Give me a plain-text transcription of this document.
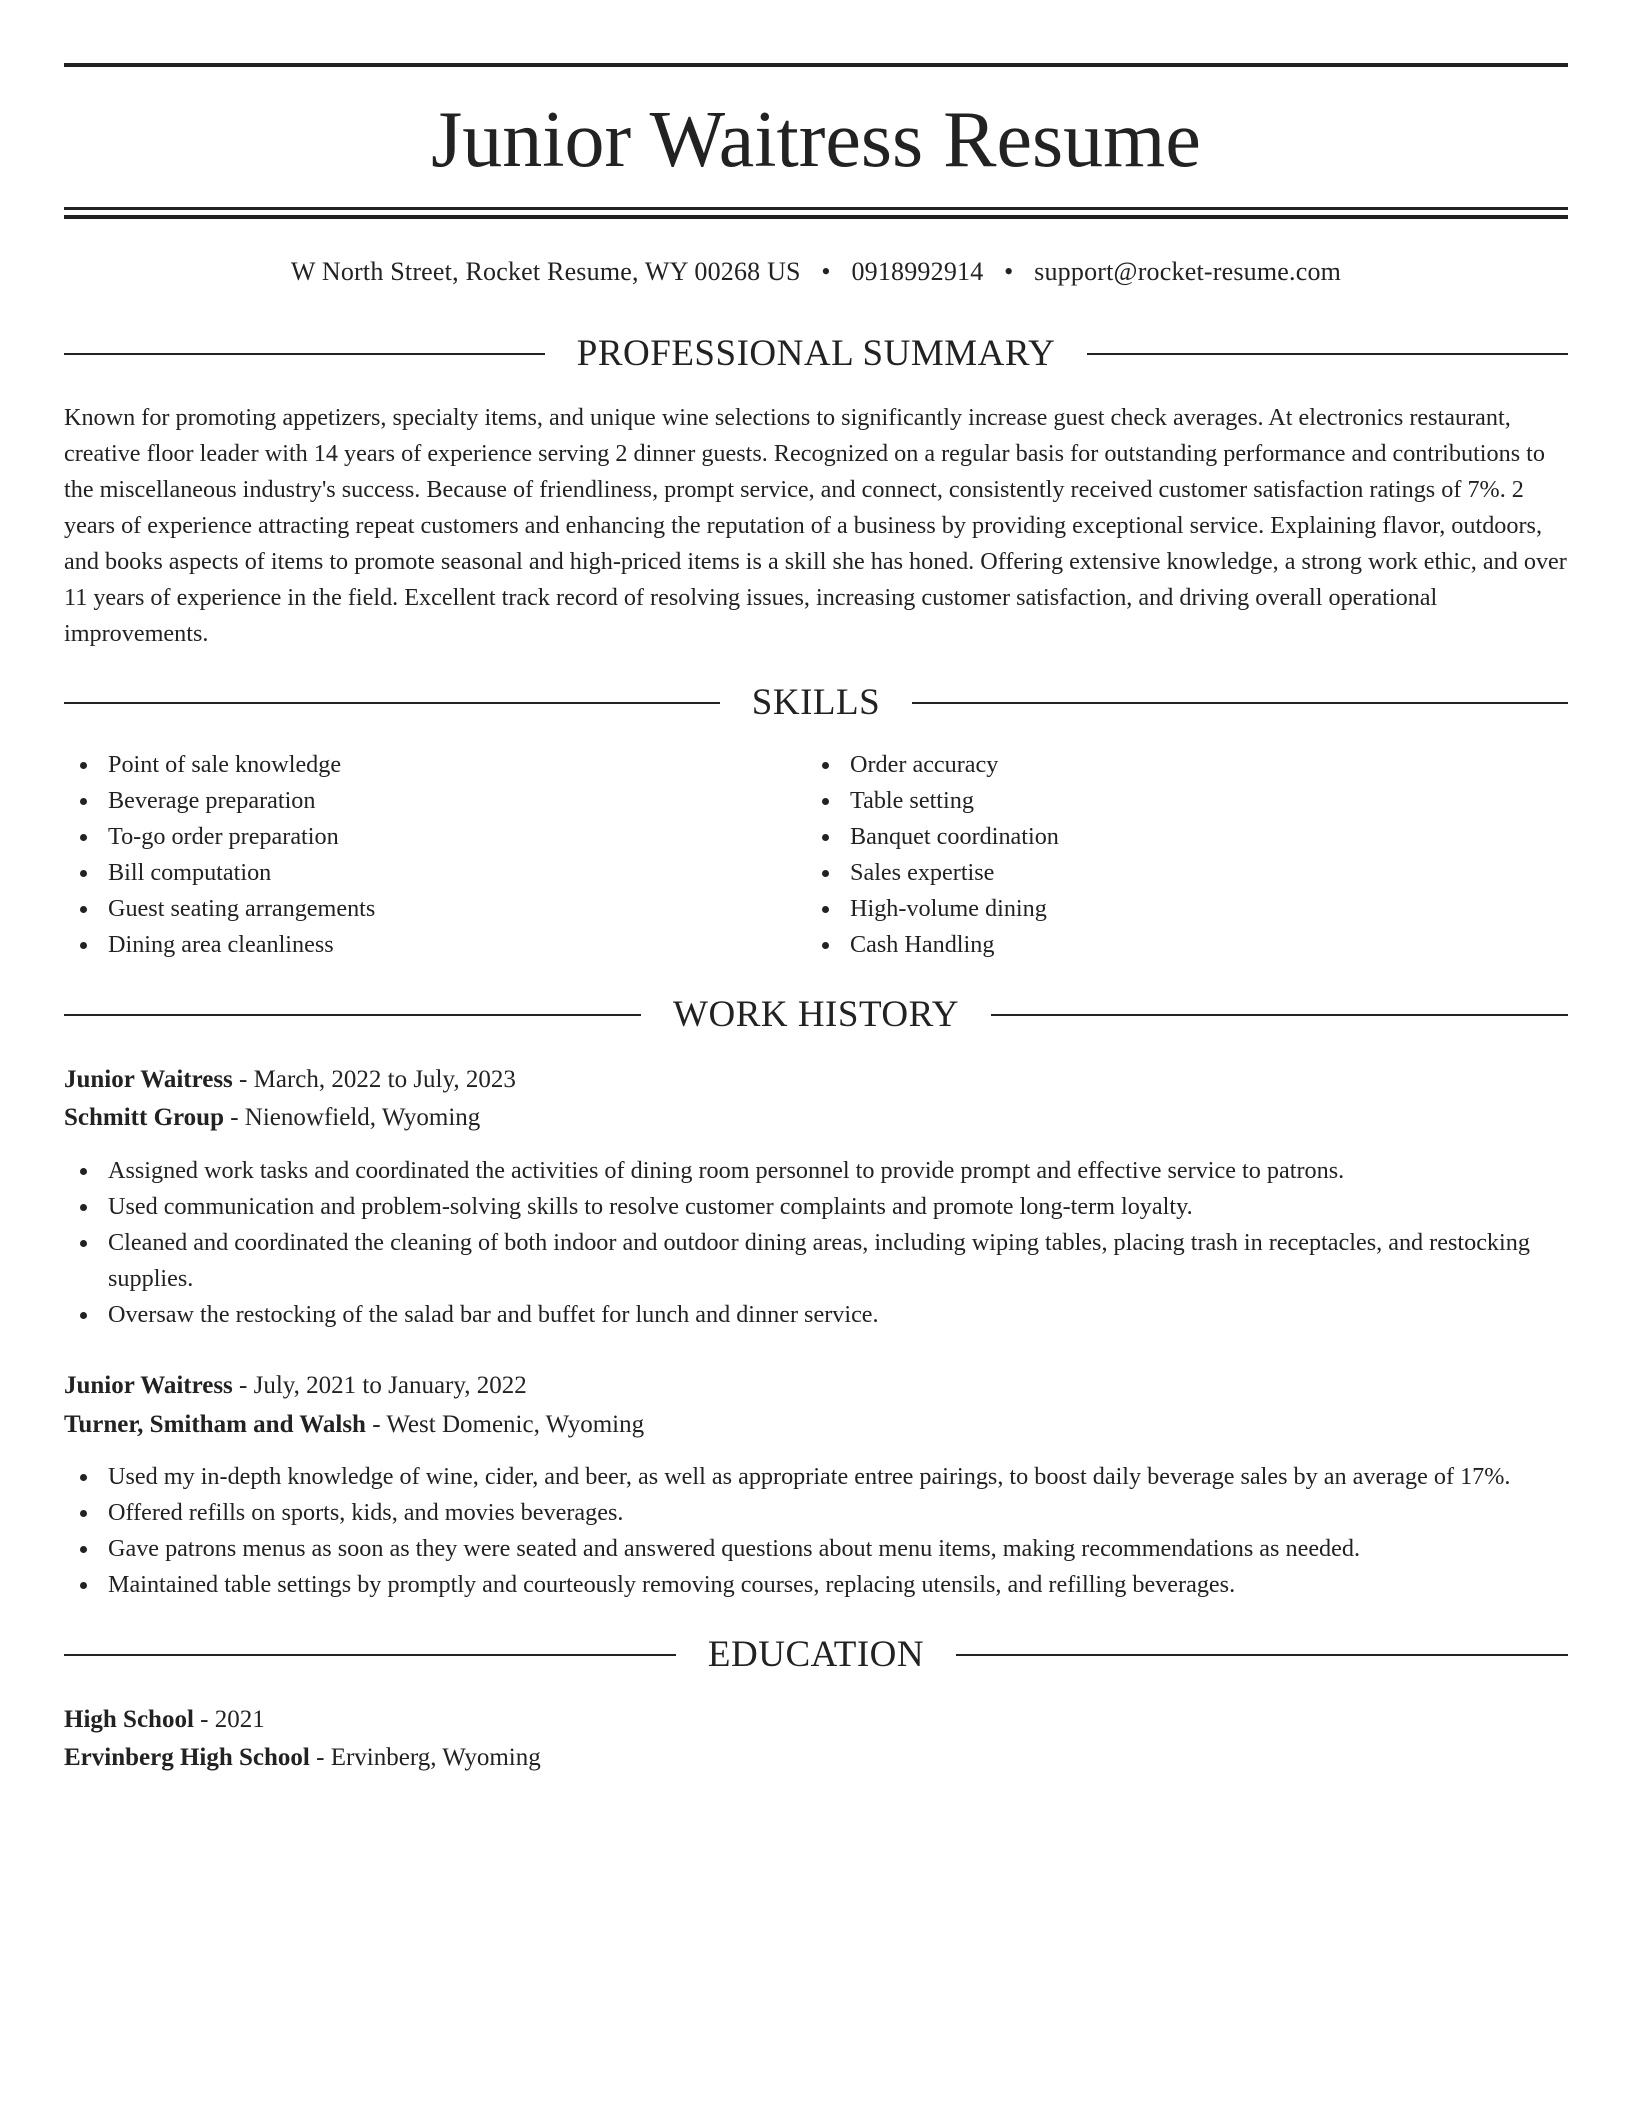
Junior Waitress Resume
W North Street, Rocket Resume, WY 00268 US • 0918992914 • support@rocket-resume.com
PROFESSIONAL SUMMARY

Known for promoting appetizers, specialty items, and unique wine selections to significantly increase guest check averages. At electronics restaurant, creative floor leader with 14 years of experience serving 2 dinner guests. Recognized on a regular basis for outstanding performance and contributions to the miscellaneous industry's success. Because of friendliness, prompt service, and connect, consistently received customer satisfaction ratings of 7%. 2 years of experience attracting repeat customers and enhancing the reputation of a business by providing exceptional service. Explaining flavor, outdoors, and books aspects of items to promote seasonal and high-priced items is a skill she has honed. Offering extensive knowledge, a strong work ethic, and over 11 years of experience in the field. Excellent track record of resolving issues, increasing customer satisfaction, and driving overall operational improvements.

SKILLS
Point of sale knowledge
Beverage preparation
To-go order preparation
Bill computation
Guest seating arrangements
Dining area cleanliness
Order accuracy
Table setting
Banquet coordination
Sales expertise
High-volume dining
Cash Handling
WORK HISTORY
Junior Waitress - March, 2022 to July, 2023
Schmitt Group - Nienowfield, Wyoming
Assigned work tasks and coordinated the activities of dining room personnel to provide prompt and effective service to patrons.
Used communication and problem-solving skills to resolve customer complaints and promote long-term loyalty.
Cleaned and coordinated the cleaning of both indoor and outdoor dining areas, including wiping tables, placing trash in receptacles, and restocking supplies.
Oversaw the restocking of the salad bar and buffet for lunch and dinner service.
Junior Waitress - July, 2021 to January, 2022
Turner, Smitham and Walsh - West Domenic, Wyoming
Used my in-depth knowledge of wine, cider, and beer, as well as appropriate entree pairings, to boost daily beverage sales by an average of 17%.
Offered refills on sports, kids, and movies beverages.
Gave patrons menus as soon as they were seated and answered questions about menu items, making recommendations as needed.
Maintained table settings by promptly and courteously removing courses, replacing utensils, and refilling beverages.
EDUCATION
High School - 2021
Ervinberg High School - Ervinberg, Wyoming
